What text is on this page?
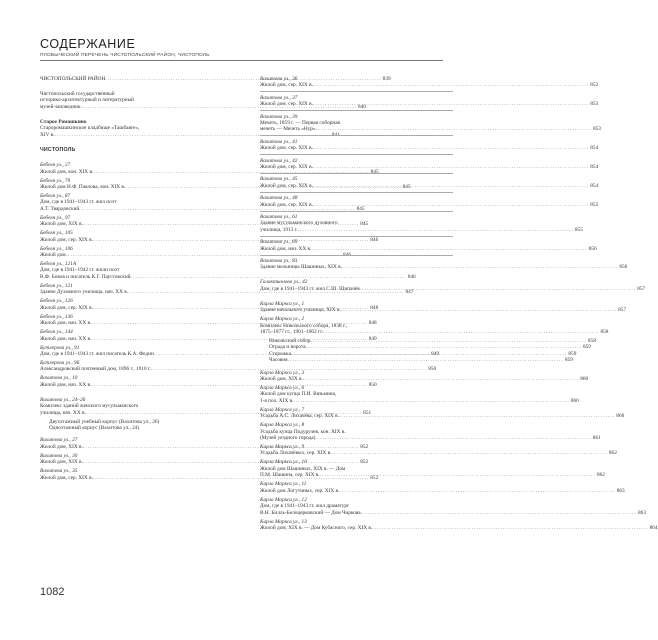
СОДЕРЖАНИЕ
ПЛОБЫЧЕСКИЙ ПЕРЕЧЕНЬ ЧИСТОПОЛЬСКИЙ РАЙОН, ЧИСТОПОЛЬ
ЧИСТОПОЛЬСКИЙ РАЙОН .....	839
Чистопольский государственный
историко-архитектурный и литературный
музей-заповедник .....	840
Старое Ромашкино
Староромашкинское кладбище «Ташбаяге»,
XIV в. .....	841
ЧИСТОПОЛЬ
Бебеля ул., 27
Жилой дом, кон. XIX в. .....	845
Бебеля ул., 79
Жилой дом Н.Ф. Павлова, кон. XIX в. .....	845
Бебеля ул., 87
Дом, где в 1941–1943 гг. жил поэт
А.Т. Твардовский .....	845
Бебеля ул., 97
Жилой дом, XIX в. .....	845
Бебеля ул., 105
Жилой дом, сер. XIX в. .....	846
Бебеля ул., 106
Жилой дом .....	846
Бебеля ул., 121А
Дом, где в 1941–1942 гг. жили поэт
В.Ф. Боков и писатель К.Г. Паустовский .....	846
Бебеля ул., 121
Здание Духовного училища, нач. XX в. .....	847
Бебеля ул., 126
Жилой дом, сер. XIX в. .....	848
Бебеля ул., 136
Жилой дом, нач. XX в. .....	848
Бебеля ул., 144
Жилой дом, нач. XX в. .....	849
Бутлерова ул., 91
Дом, где в 1941–1943 гг. жил писатель К.А. Федин .....	849
Бутлерова ул., 96
Александровский почтенный дом, 1896 г., 1910 г. .....	850
Вахитова ул., 10
Жилой дом, нач. XX в. .....	850
Вахитова ул., 24–26
Комплекс зданий женского мусульманского
училища, нач. XX в. .....	851
Двухэтажный учебный корпус (Вахитова ул., 26)
Одноэтажный корпус (Вахитова ул., 24)
Вахитова ул., 27
Жилой дом, XIX в. .....	852
Вахитова ул., 30
Жилой дом, XIX в. .....	852
Вахитова ул., 35
Жилой дом, сер. XIX в. .....	852
Вахитова ул., 36
Жилой дом, сер. XIX в. .....	852
Вахитова ул., 37
Жилой дом, сер. XIX в. .....	853
Вахитова ул., 39
Мечеть, 1859 г. — Первая соборная
мечеть — Мечеть «Нур» .....	853
Вахитова ул., 41
Жилой дом, сер. XIX в. .....	854
Вахитова ул., 42
Жилой дом, сер. XIX в. .....	854
Вахитова ул., 45
Жилой дом, сер. XIX в. .....	854
Вахитова ул., 48
Жилой дом, сер. XIX в. .....	855
Вахитова ул., 61
Здание мусульманского духовного
училища, 1913 г. .....	855
Вахитова ул., 69
Жилой дом, нач. XX в. .....	856
Вахитова ул., 83
Здание мельницы Шашиных, XIX в. .....	856
Галактионова ул., 42
Дом, где в 1941–1943 гг. жил С.Ш. Щипачёв .....	857
Карла Маркса ул., 1
Здание начального училища, XIX в. .....	857
Карла Маркса ул., 2
Комплекс Никольского собора, 1838 г.,
1875–1877 гг., 1901–1902 гг. .....	858
Никольский собор .....	858
Ограда и ворота .....	859
Сторожка .....	859
Часовня .....	859
Карла Маркса ул., 3
Жилой дом, XIX в. .....	860
Карла Маркса ул., 6
Жилой дом купца П.И. Вязьмина,
1-я пол. XIX в. .....	860
Карла Маркса ул., 7
Усадьба А.С. Лихачёва, сер. XIX в. .....	860
Карла Маркса ул., 8
Усадьба купца Подурулев, кон. XIX в.
(Музей уездного города) .....	861
Карла Маркса ул., 9
Усадьба Лихачёвых, сер. XIX в. .....	862
Карла Маркса ул., 10
Жилой дом Шашиных, XIX в. — Дом
П.М. Шашина, сер. XIX в. .....	862
Карла Маркса ул., 11
Жилой дом Логутиных, сер. XIX в. .....	863
Карла Маркса ул., 12
Дом, где в 1941–1943 гг. жил драматург
В.Н. Билль-Белоцерковский — Дом Чиркова .....	863
Карла Маркса ул., 13
Жилой дом, XIX в. — Дом Кубасного, сер. XIX в. .....	864
1082
